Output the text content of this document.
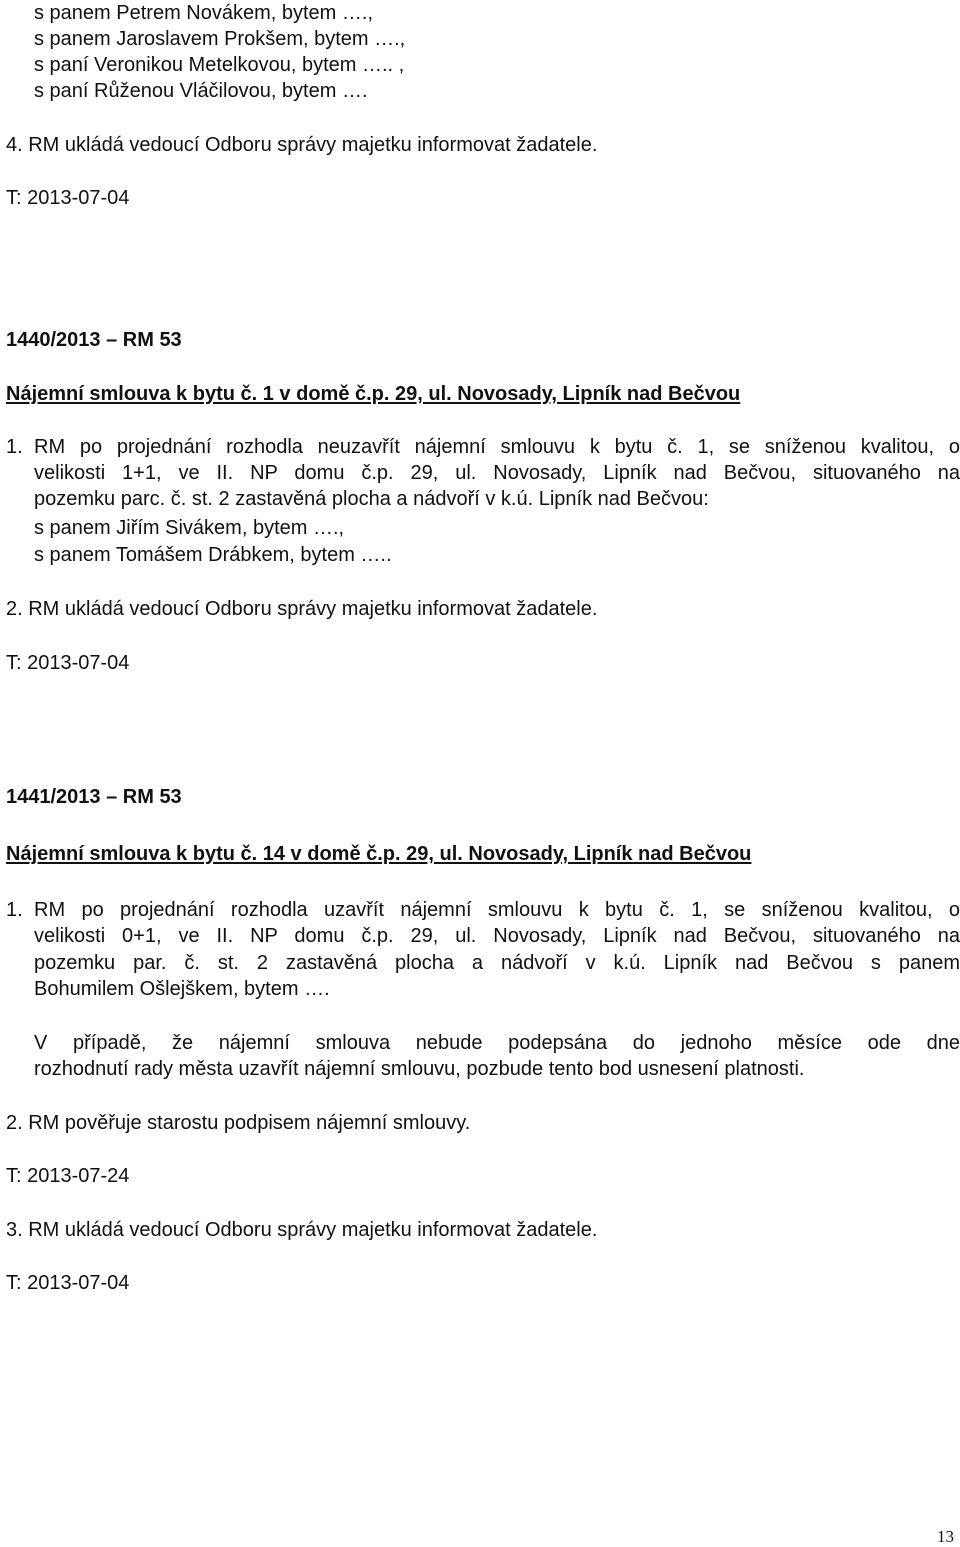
s panem Petrem Novákem, bytem ….,
s panem Jaroslavem Prokšem, bytem ….,
s paní Veronikou Metelkovou, bytem ….. ,
s paní Růženou Vláčilovou, bytem ….
4. RM ukládá vedoucí Odboru správy majetku informovat žadatele.
T: 2013-07-04
1440/2013 – RM 53
Nájemní smlouva k bytu č. 1 v domě č.p. 29, ul. Novosady, Lipník nad Bečvou
1. RM po projednání rozhodla neuzavřít nájemní smlouvu k bytu č. 1, se sníženou kvalitou, o
velikosti 1+1, ve II. NP domu č.p. 29, ul. Novosady, Lipník nad Bečvou, situovaného na
pozemku parc. č. st. 2 zastavěná plocha a nádvoří v k.ú. Lipník nad Bečvou:
s panem Jiřím Sivákem, bytem ….,
s panem Tomášem Drábkem, bytem …..
2. RM ukládá vedoucí Odboru správy majetku informovat žadatele.
T: 2013-07-04
1441/2013 – RM 53
Nájemní smlouva k bytu č. 14 v domě č.p. 29, ul. Novosady, Lipník nad Bečvou
1. RM po projednání rozhodla uzavřít nájemní smlouvu k bytu č. 1, se sníženou kvalitou, o
velikosti 0+1, ve II. NP domu č.p. 29, ul. Novosady, Lipník nad Bečvou, situovaného na
pozemku par. č. st. 2 zastavěná plocha a nádvoří v k.ú. Lipník nad Bečvou s panem
Bohumilem Ošlejškem, bytem ….
V případě, že nájemní smlouva nebude podepsána do jednoho měsíce ode dne
rozhodnutí rady města uzavřít nájemní smlouvu, pozbude tento bod usnesení platnosti.
2. RM pověřuje starostu podpisem nájemní smlouvy.
T: 2013-07-24
3. RM ukládá vedoucí Odboru správy majetku informovat žadatele.
T: 2013-07-04
13
